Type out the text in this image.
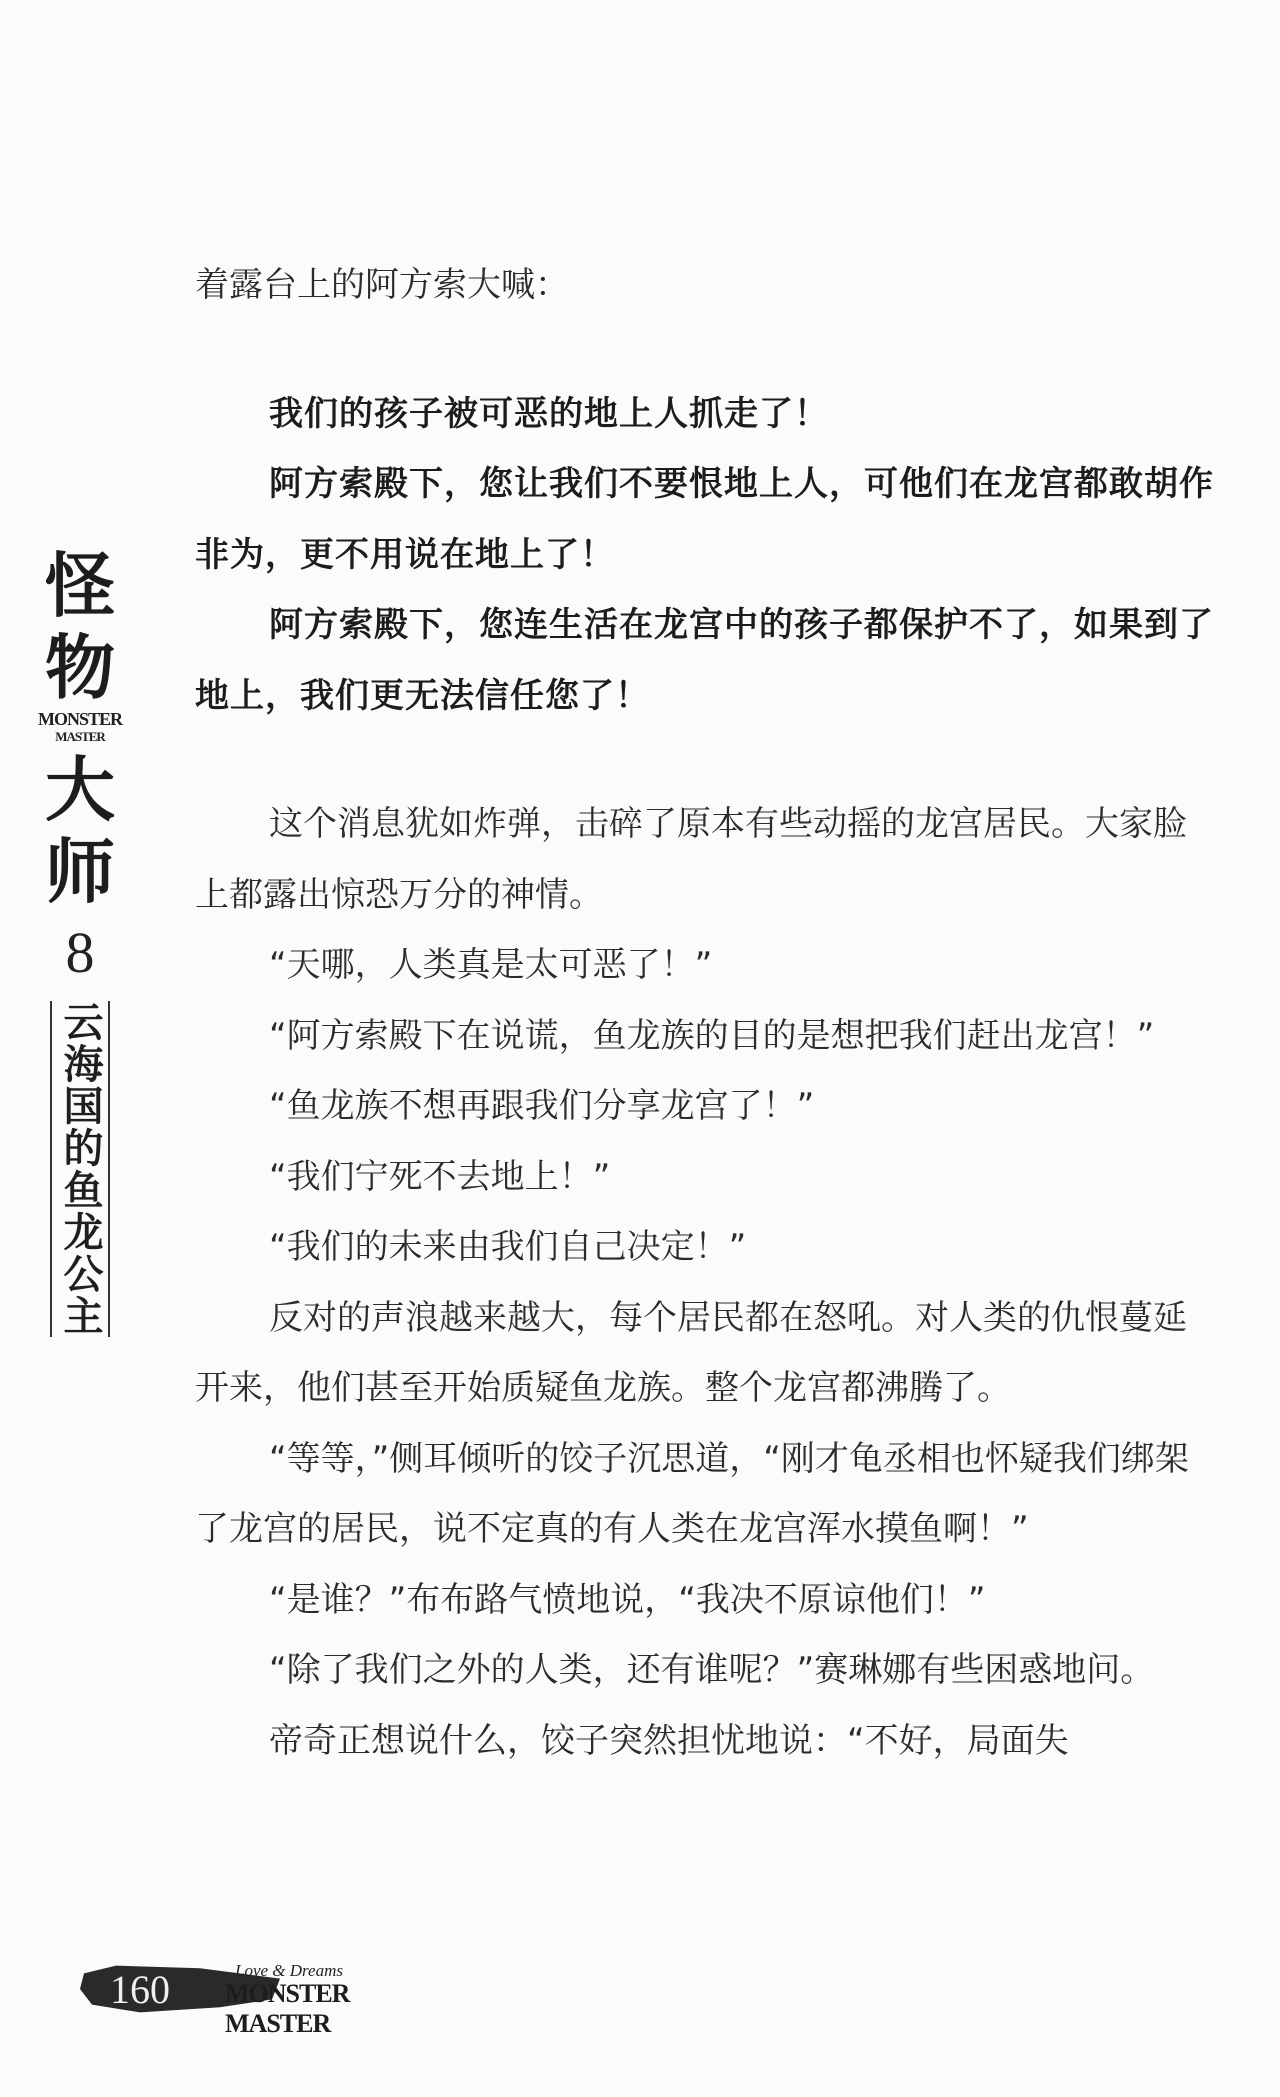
怪
物
MONSTER
MASTER
大
师
8
云海国的鱼龙公主

着露台上的阿方索大喊：

我们的孩子被可恶的地上人抓走了！

阿方索殿下，您让我们不要恨地上人，可他们在龙宫都敢胡作非为，更不用说在地上了！

阿方索殿下，您连生活在龙宫中的孩子都保护不了，如果到了地上，我们更无法信任您了！

这个消息犹如炸弹，击碎了原本有些动摇的龙宫居民。大家脸上都露出惊恐万分的神情。

“天哪，人类真是太可恶了！”

“阿方索殿下在说谎，鱼龙族的目的是想把我们赶出龙宫！”

“鱼龙族不想再跟我们分享龙宫了！”

“我们宁死不去地上！”

“我们的未来由我们自己决定！”

反对的声浪越来越大，每个居民都在怒吼。对人类的仇恨蔓延开来，他们甚至开始质疑鱼龙族。整个龙宫都沸腾了。

“等等，”侧耳倾听的饺子沉思道，“刚才龟丞相也怀疑我们绑架了龙宫的居民，说不定真的有人类在龙宫浑水摸鱼啊！”

“是谁？”布布路气愤地说，“我决不原谅他们！”

“除了我们之外的人类，还有谁呢？”赛琳娜有些困惑地问。

帝奇正想说什么，饺子突然担忧地说：“不好，局面失

160	Love & Dreams
MONSTER MASTER
